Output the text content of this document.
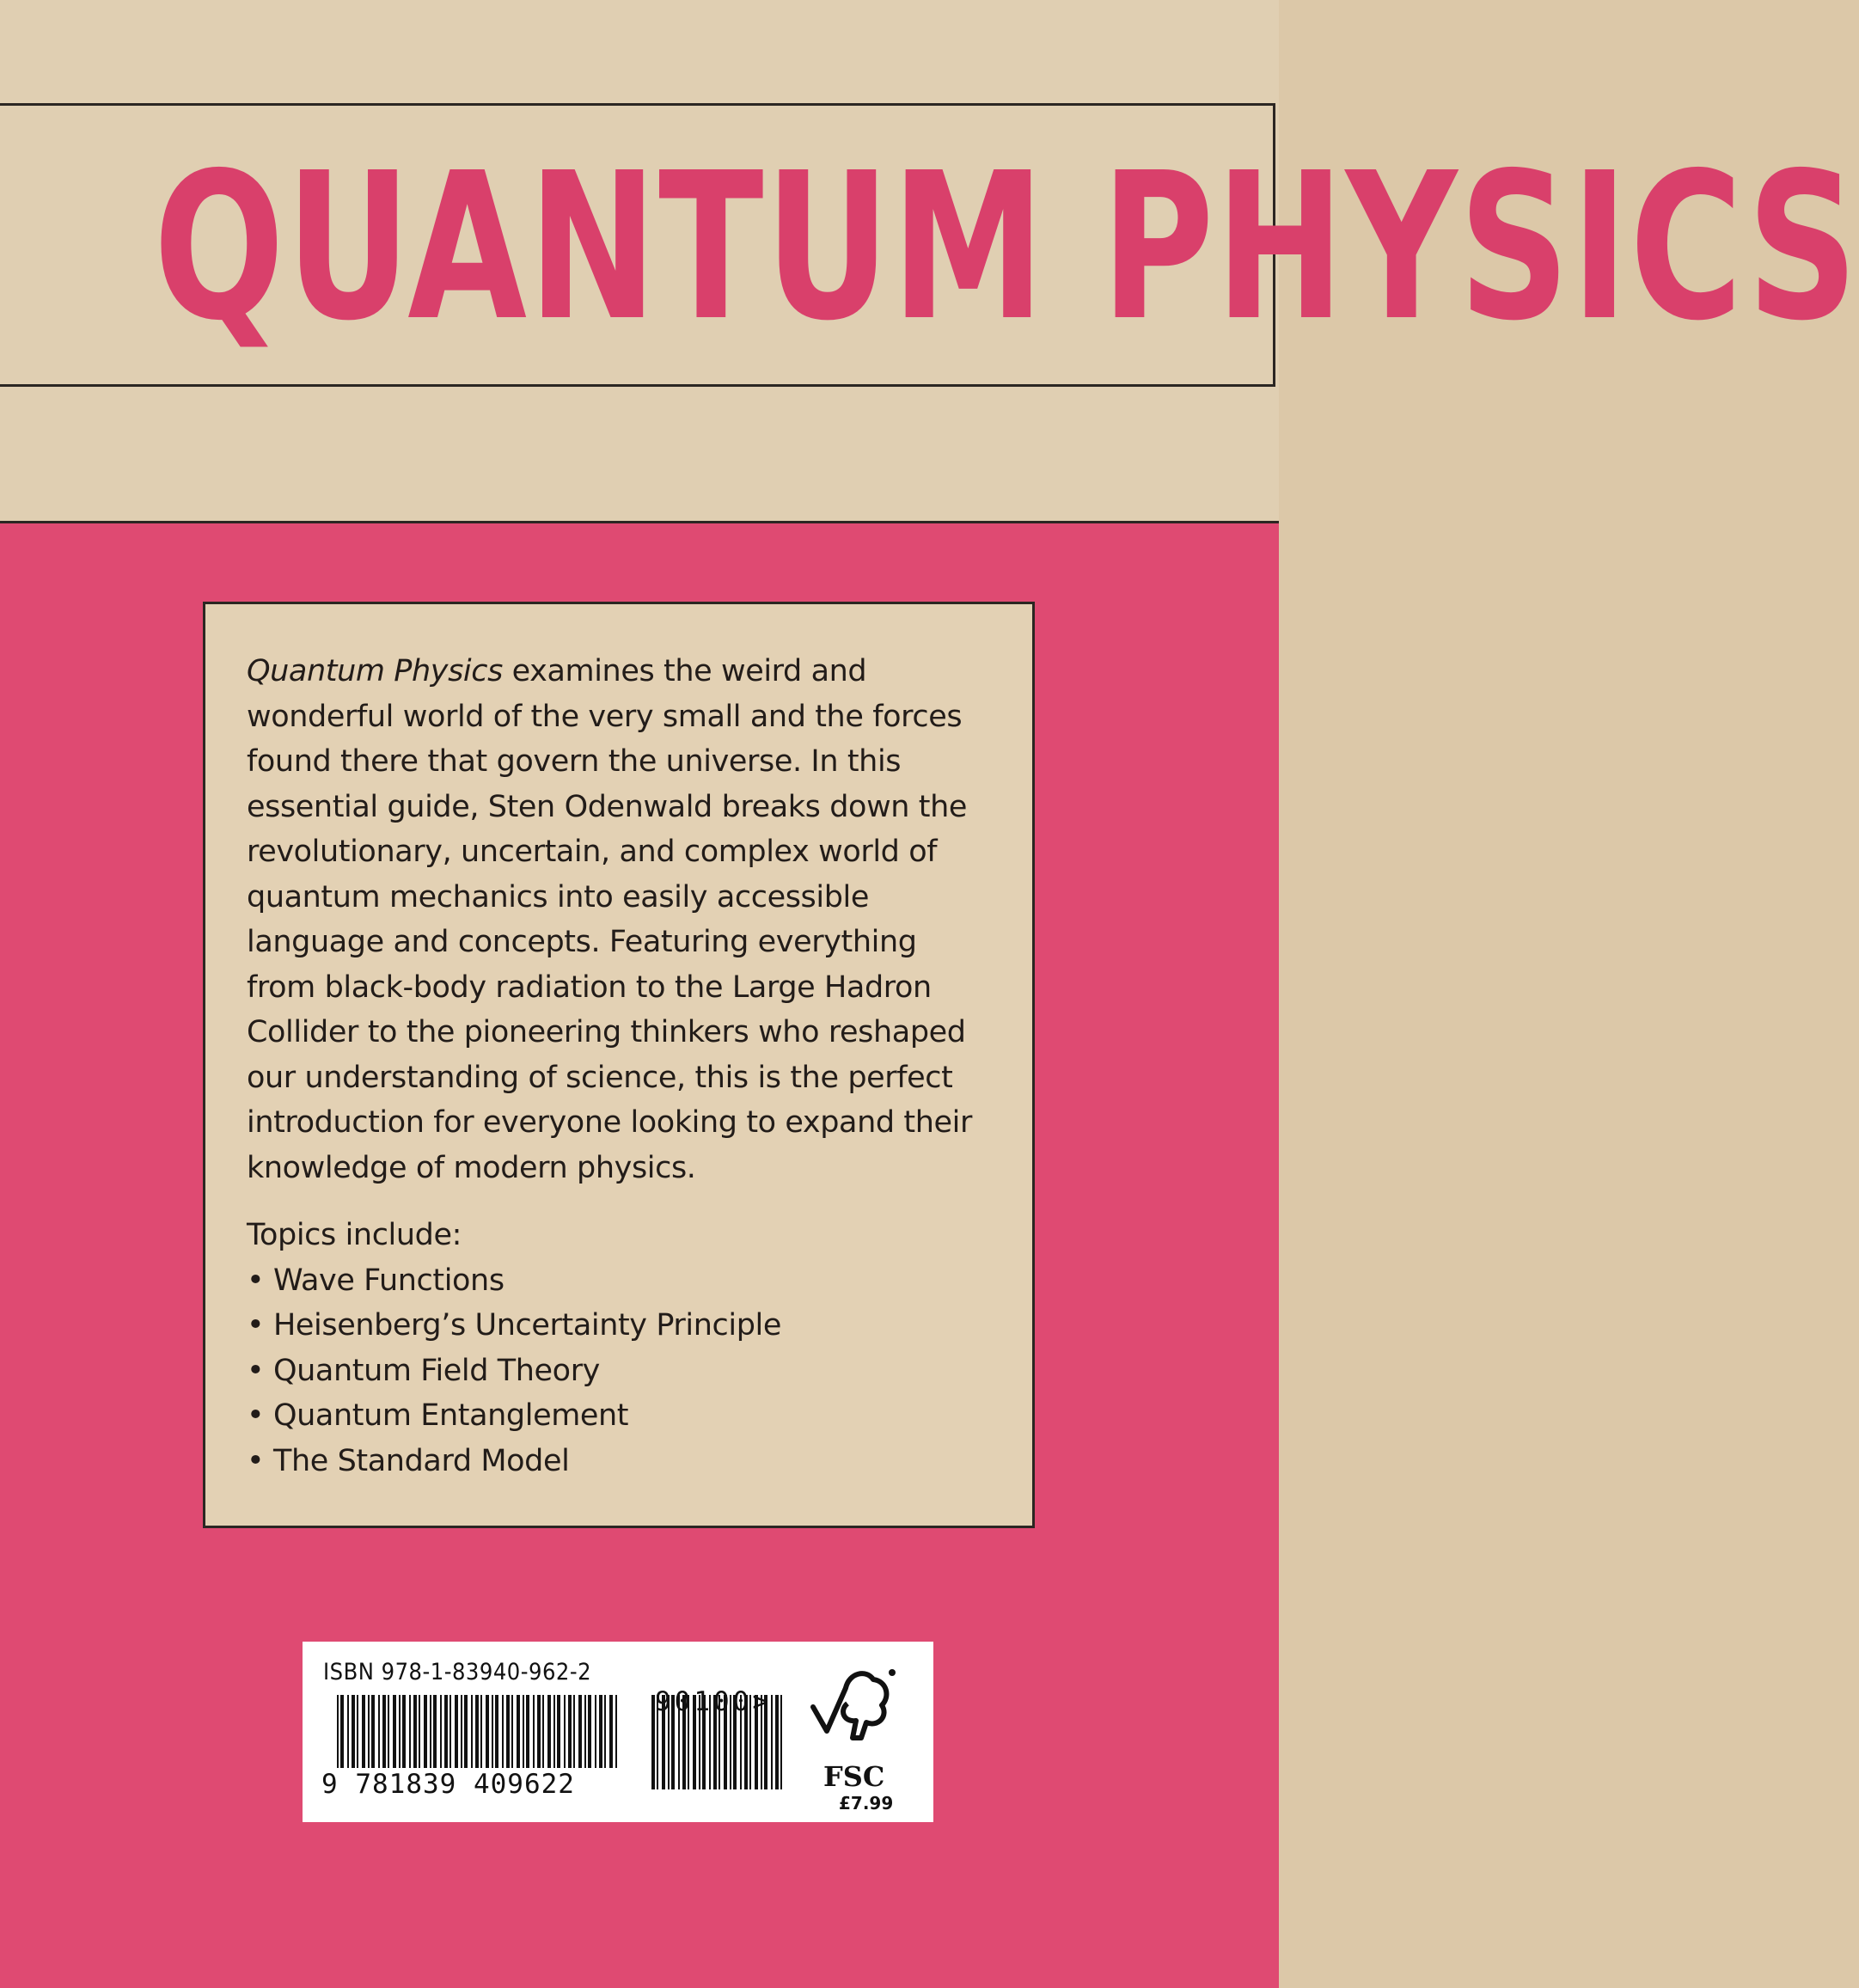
QUANTUM PHYSICS

Quantum Physics examines the weird and wonderful world of the very small and the forces found there that govern the universe. In this essential guide, Sten Odenwald breaks down the revolutionary, uncertain, and complex world of quantum mechanics into easily accessible language and concepts. Featuring everything from black-body radiation to the Large Hadron Collider to the pioneering thinkers who reshaped our understanding of science, this is the perfect introduction for everyone looking to expand their knowledge of modern physics.

Topics include:

• Wave Functions
• Heisenberg’s Uncertainty Principle
• Quantum Field Theory
• Quantum Entanglement
• The Standard Model
ISBN 978-1-83940-962-2
90100>
9 781839 409622	FSC
£7.99
